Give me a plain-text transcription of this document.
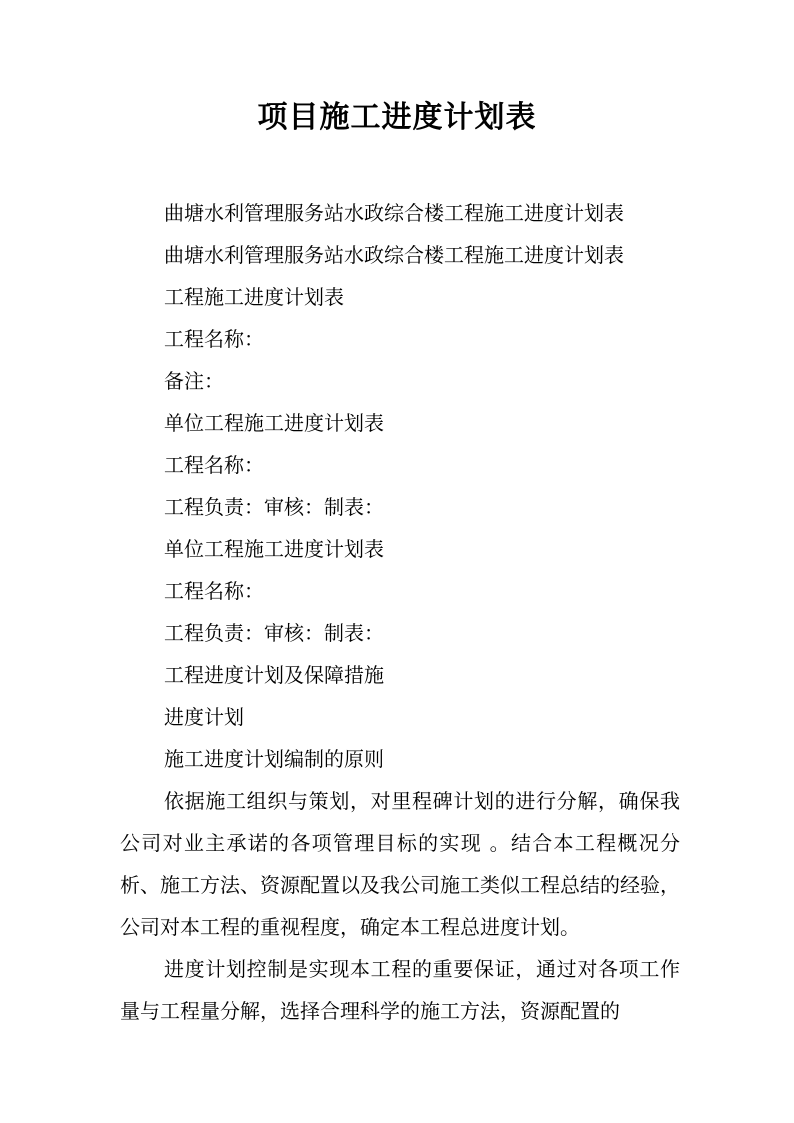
项目施工进度计划表

曲塘水利管理服务站水政综合楼工程施工进度计划表

曲塘水利管理服务站水政综合楼工程施工进度计划表

工程施工进度计划表

工程名称：

备注：

单位工程施工进度计划表

工程名称：

工程负责：审核：制表：

单位工程施工进度计划表

工程名称：

工程负责：审核：制表：

工程进度计划及保障措施

进度计划

施工进度计划编制的原则

依据施工组织与策划，对里程碑计划的进行分解，确保我公司对业主承诺的各项管理目标的实现 。结合本工程概况分析、施工方法、资源配置以及我公司施工类似工程总结的经验，公司对本工程的重视程度，确定本工程总进度计划。

进度计划控制是实现本工程的重要保证，通过对各项工作量与工程量分解，选择合理科学的施工方法，资源配置的
